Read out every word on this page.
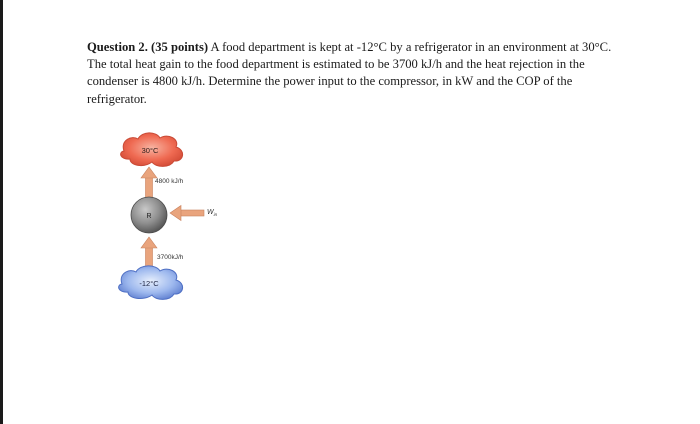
Question 2. (35 points) A food department is kept at -12°C by a refrigerator in an environment at 30°C. The total heat gain to the food department is estimated to be 3700 kJ/h and the heat rejection in the condenser is 4800 kJ/h. Determine the power input to the compressor, in kW and the COP of the refrigerator.
30°C
4800 kJ/h
R
$W_{in}$
3700kJ/h
-12°C
